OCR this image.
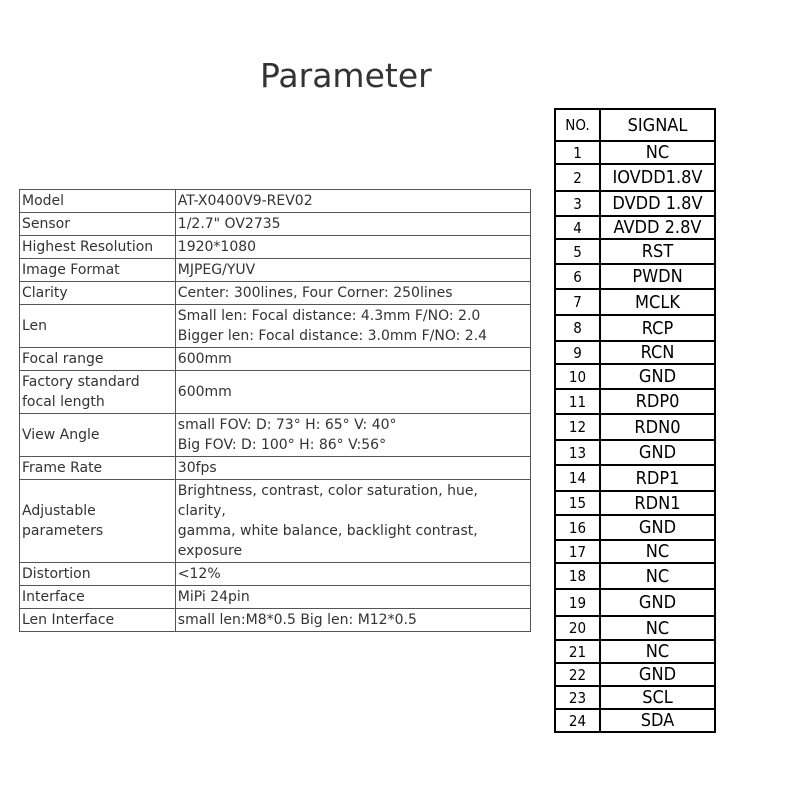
Parameter
Model	AT-X0400V9-REV02

Sensor	1/2.7" OV2735

Highest Resolution	1920*1080

Image Format	MJPEG/YUV

Clarity	Center: 300lines, Four Corner: 250lines

Len	Small len: Focal distance: 4.3mm F/NO: 2.0
Bigger len: Focal distance: 3.0mm F/NO: 2.4

Focal range	600mm

Factory standard focal length	600mm

View Angle	small FOV: D: 73° H: 65° V: 40°
Big FOV: D: 100° H: 86° V:56°

Frame Rate	30fps

Adjustable parameters	Brightness, contrast, color saturation, hue, clarity,
gamma, white balance, backlight contrast, exposure

Distortion	<12%

Interface	MiPi 24pin

Len Interface	small len:M8*0.5 Big len: M12*0.5
NO.	SIGNAL
1	NC
2	IOVDD1.8V
3	DVDD 1.8V
4	AVDD 2.8V
5	RST
6	PWDN
7	MCLK
8	RCP
9	RCN
10	GND
11	RDP0
12	RDN0
13	GND
14	RDP1
15	RDN1
16	GND
17	NC
18	NC
19	GND
20	NC
21	NC
22	GND
23	SCL
24	SDA
